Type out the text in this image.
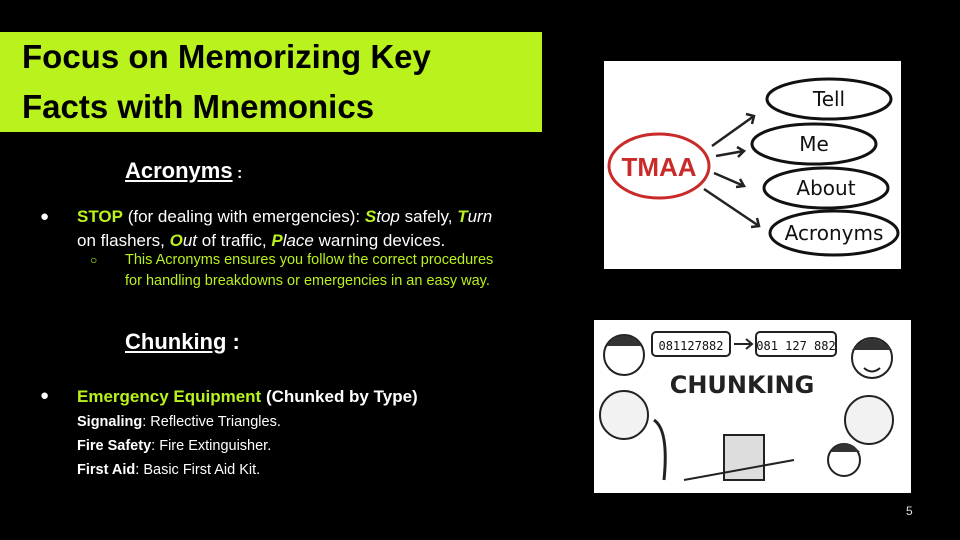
Focus on Memorizing Key
Facts with Mnemonics
Acronyms :
● STOP (for dealing with emergencies): Stop safely, Turn
on flashers, Out of traffic, Place warning devices.
○ This Acronyms ensures you follow the correct procedures
for handling breakdowns or emergencies in an easy way.
Chunking :
● Emergency Equipment (Chunked by Type)
Signaling: Reflective Triangles.
Fire Safety: Fire Extinguisher.
First Aid: Basic First Aid Kit.
TMAA
Tell
Me
About
Acronyms
081127882	081 127 882
CHUNKING
5
